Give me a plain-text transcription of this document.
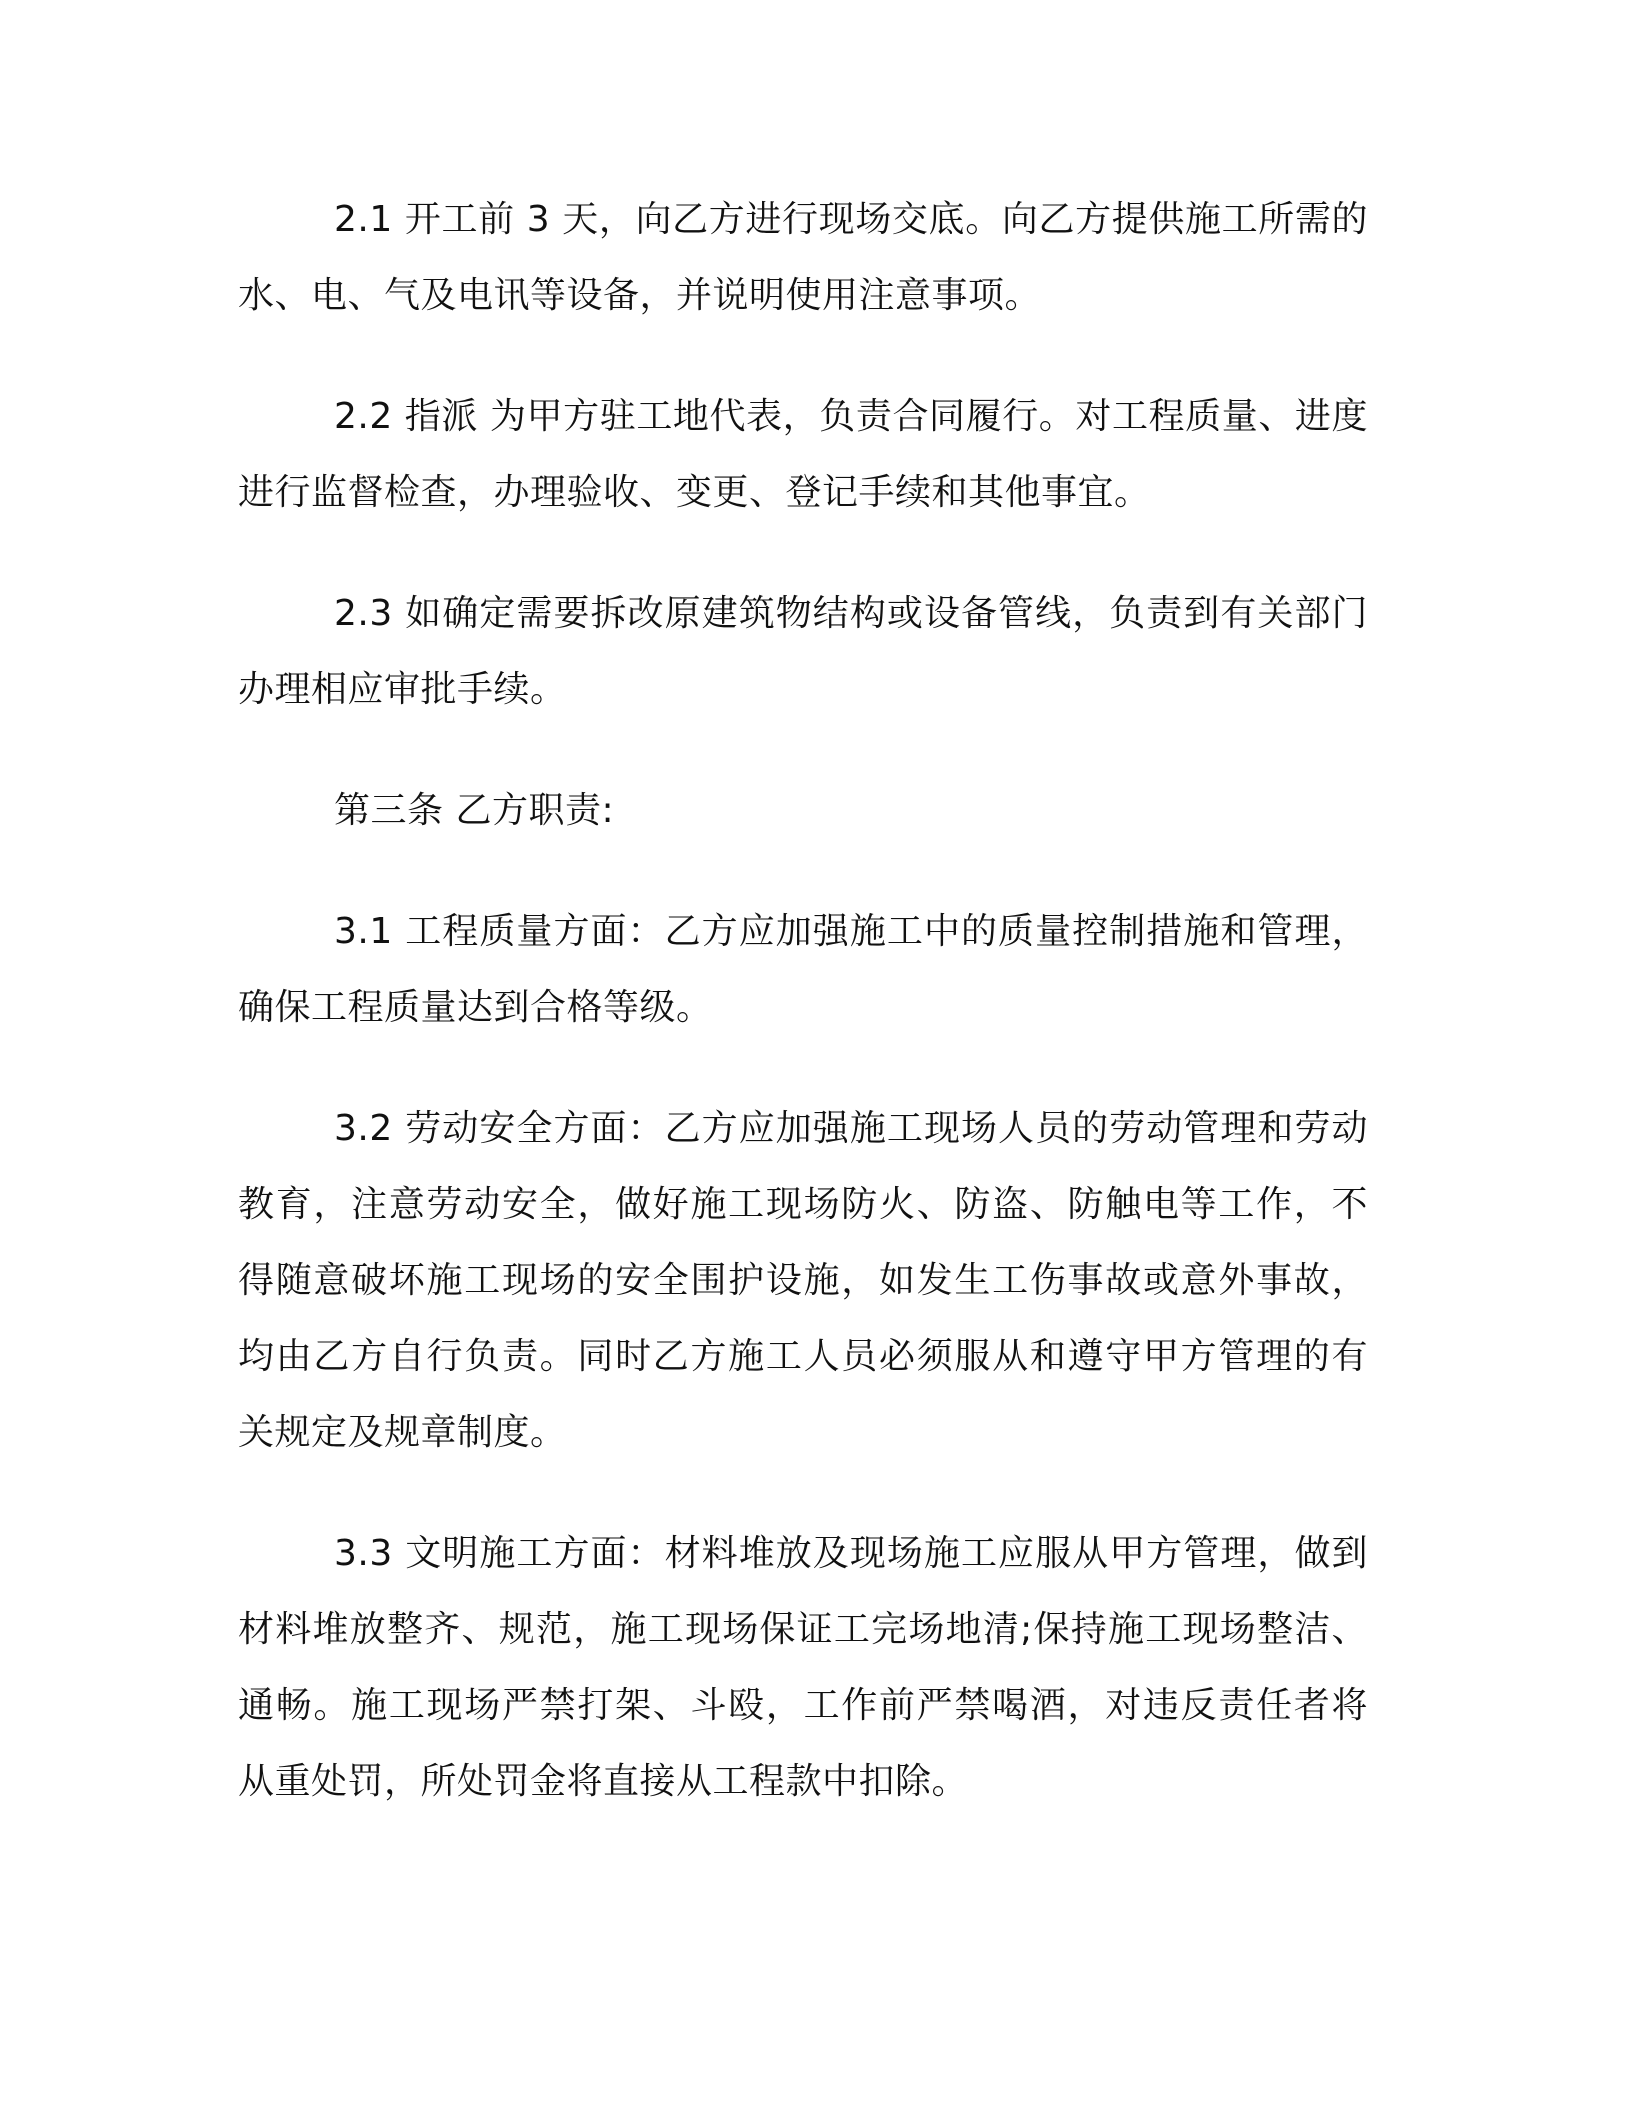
2.1 开工前 3 天，向乙方进行现场交底。向乙方提供施工所需的水、电、气及电讯等设备，并说明使用注意事项。

2.2 指派 为甲方驻工地代表，负责合同履行。对工程质量、进度进行监督检查，办理验收、变更、登记手续和其他事宜。

2.3 如确定需要拆改原建筑物结构或设备管线，负责到有关部门办理相应审批手续。

第三条 乙方职责:

3.1 工程质量方面：乙方应加强施工中的质量控制措施和管理，确保工程质量达到合格等级。

3.2 劳动安全方面：乙方应加强施工现场人员的劳动管理和劳动教育，注意劳动安全，做好施工现场防火、防盗、防触电等工作，不得随意破坏施工现场的安全围护设施，如发生工伤事故或意外事故，均由乙方自行负责。同时乙方施工人员必须服从和遵守甲方管理的有关规定及规章制度。

3.3 文明施工方面：材料堆放及现场施工应服从甲方管理，做到材料堆放整齐、规范，施工现场保证工完场地清;保持施工现场整洁、通畅。施工现场严禁打架、斗殴，工作前严禁喝酒，对违反责任者将从重处罚，所处罚金将直接从工程款中扣除。
